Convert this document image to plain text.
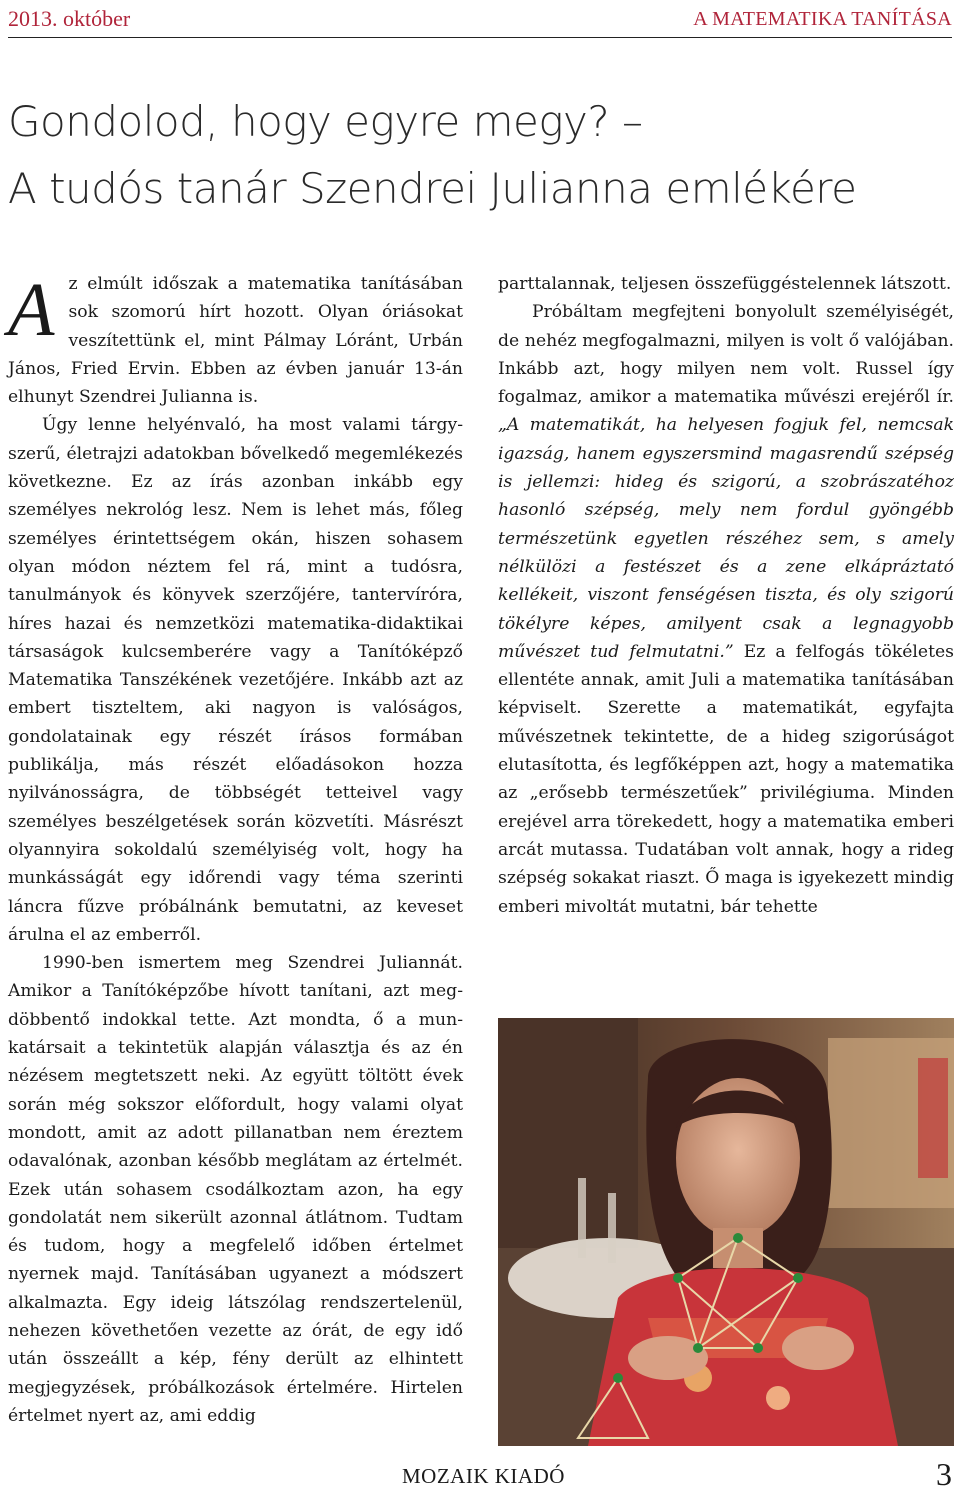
2013. október	A MATEMATIKA TANÍTÁSA
Gondolod, hogy egyre megy? –
A tudós tanár Szendrei Julianna emlékére

Az elmúlt időszak a matematika tanításában sok szomorú hírt hozott. Olyan óriásokat veszítettünk el, mint Pálmay Lóránt, Urbán János, Fried Ervin. Ebben az évben január 13-án elhunyt Szendrei Julianna is.

Úgy lenne helyénvaló, ha most valami tárgyszerű, életrajzi adatokban bővelkedő megemlékezés következne. Ez az írás azonban inkább egy személyes nekrológ lesz. Nem is lehet más, főleg személyes érintettségem okán, hiszen sohasem olyan módon néztem fel rá, mint a tudósra, tanulmányok és könyvek szerzőjére, tantervíróra, híres hazai és nemzetközi matematika-didaktikai társaságok kulcsemberére vagy a Tanítóképző Matematika Tanszékének vezetőjére. Inkább azt az embert tiszteltem, aki nagyon is valóságos, gondolatainak egy részét írásos formában publikálja, más részét előadásokon hozza nyilvánosságra, de többségét tetteivel vagy személyes beszélgetések során közvetíti. Másrészt olyannyira sokoldalú személyiség volt, hogy ha munkásságát egy időrendi vagy téma szerinti láncra fűzve próbálnánk bemutatni, az keveset árulna el az emberről.

1990-ben ismertem meg Szendrei Juliannát. Amikor a Tanítóképzőbe hívott tanítani, azt megdöbbentő indokkal tette. Azt mondta, ő a munkatársait a tekintetük alapján választja és az én nézésem megtetszett neki. Az együtt töltött évek során még sokszor előfordult, hogy valami olyat mondott, amit az adott pillanatban nem éreztem odavalónak, azonban később meglátam az értelmét. Ezek után sohasem csodálkoztam azon, ha egy gondolatát nem sikerült azonnal átlátnom. Tudtam és tudom, hogy a megfelelő időben értelmet nyernek majd. Tanításában ugyanezt a módszert alkalmazta. Egy ideig látszólag rendszertelenül, nehezen követhetően vezette az órát, de egy idő után összeállt a kép, fény derült az elhintett megjegyzések, próbálkozások értelmére. Hirtelen értelmet nyert az, ami eddig

parttalannak, teljesen összefüggéstelennek látszott.

Próbáltam megfejteni bonyolult személyiségét, de nehéz megfogalmazni, milyen is volt ő valójában. Inkább azt, hogy milyen nem volt. Russel így fogalmaz, amikor a matematika művészi erejéről ír. „A matematikát, ha helyesen fogjuk fel, nemcsak igazság, hanem egyszersmind magasrendű szépség is jellemzi: hideg és szigorú, a szobrászatéhoz hasonló szépség, mely nem fordul gyöngébb természetünk egyetlen részéhez sem, s amely nélkülözi a festészet és a zene elkápráztató kellékeit, viszont fenségésen tiszta, és oly szigorú tökélyre képes, amilyent csak a legnagyobb művészet tud felmutatni.” Ez a felfogás tökéletes ellentéte annak, amit Juli a matematika tanításában képviselt. Szerette a matematikát, egyfajta művészetnek tekintette, de a hideg szigorúságot elutasította, és legfőképpen azt, hogy a matematika az „erősebb természetűek” privilégiuma. Minden erejével arra törekedett, hogy a matematika emberi arcát mutassa. Tudatában volt annak, hogy a rideg szépség sokakat riaszt. Ő maga is igyekezett mindig emberi mivoltát mutatni, bár tehette

MOZAIK KIADÓ	3
